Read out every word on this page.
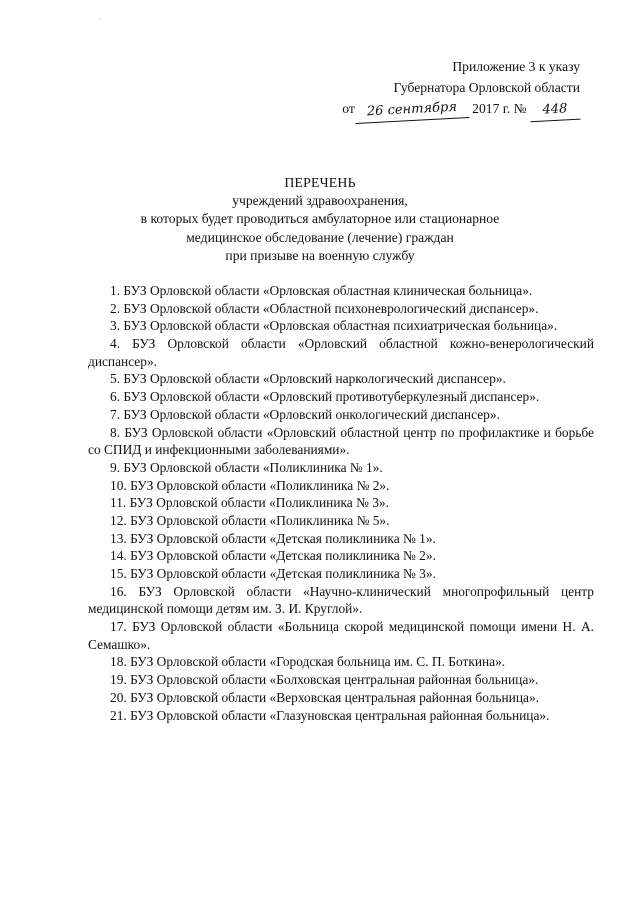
·
Приложение 3 к указу
Губернатора Орловской области
от 26 сентября 2017 г. № 448
ПЕРЕЧЕНЬ
учреждений здравоохранения,
в которых будет проводиться амбулаторное или стационарное
медицинское обследование (лечение) граждан
при призыве на военную службу
1. БУЗ Орловской области «Орловская областная клиническая больница».
2. БУЗ Орловской области «Областной психоневрологический диспансер».
3. БУЗ Орловской области «Орловская областная психиатрическая больница».
4. БУЗ Орловской области «Орловский областной кожно-венерологический диспансер».
5. БУЗ Орловской области «Орловский наркологический диспансер».
6. БУЗ Орловской области «Орловский противотуберкулезный диспансер».
7. БУЗ Орловской области «Орловский онкологический диспансер».
8. БУЗ Орловской области «Орловский областной центр по профилактике и борьбе со СПИД и инфекционными заболеваниями».
9. БУЗ Орловской области «Поликлиника № 1».
10. БУЗ Орловской области «Поликлиника № 2».
11. БУЗ Орловской области «Поликлиника № 3».
12. БУЗ Орловской области «Поликлиника № 5».
13. БУЗ Орловской области «Детская поликлиника № 1».
14. БУЗ Орловской области «Детская поликлиника № 2».
15. БУЗ Орловской области «Детская поликлиника № 3».
16. БУЗ Орловской области «Научно-клинический многопрофильный центр медицинской помощи детям им. З. И. Круглой».
17. БУЗ Орловской области «Больница скорой медицинской помощи имени Н. А. Семашко».
18. БУЗ Орловской области «Городская больница им. С. П. Боткина».
19. БУЗ Орловской области «Болховская центральная районная больница».
20. БУЗ Орловской области «Верховская центральная районная больница».
21. БУЗ Орловской области «Глазуновская центральная районная больница».
